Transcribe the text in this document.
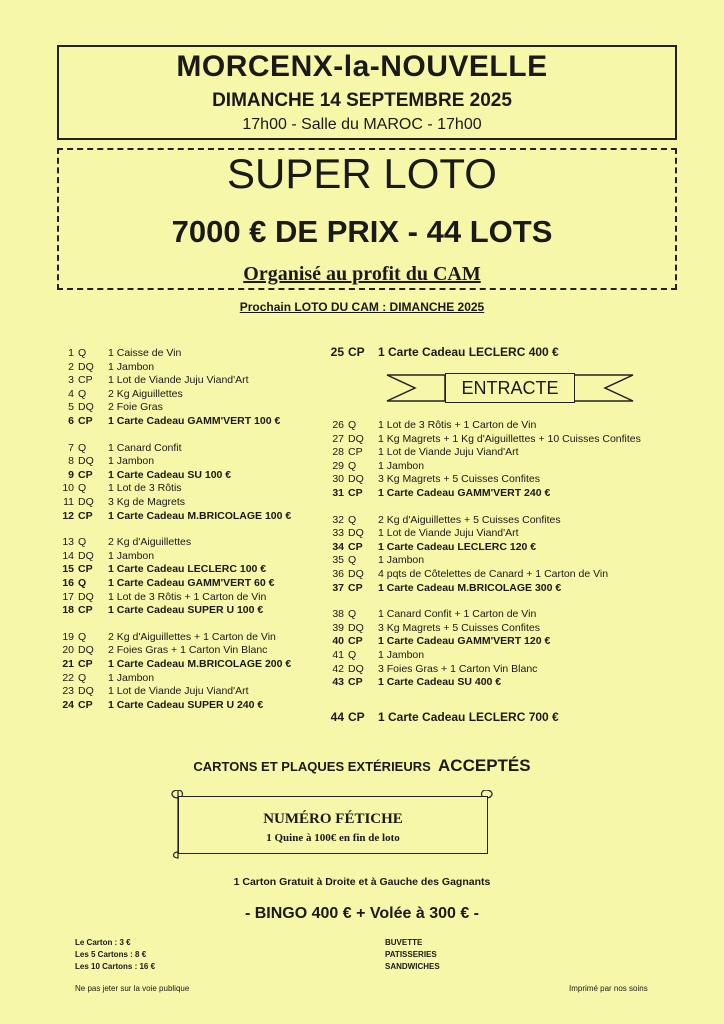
MORCENX-la-NOUVELLE
DIMANCHE 14 SEPTEMBRE 2025
17h00 - Salle du MAROC - 17h00
SUPER LOTO
7000 € DE PRIX - 44 LOTS
Organisé au profit du CAM
Prochain LOTO DU CAM : DIMANCHE 2025
1 Q 1 Caisse de Vin
2 DQ 1 Jambon
3 CP 1 Lot de Viande Juju Viand'Art
4 Q 2 Kg Aiguillettes
5 DQ 2 Foie Gras
6 CP 1 Carte Cadeau GAMM'VERT 100 €
7 Q 1 Canard Confit
8 DQ 1 Jambon
9 CP 1 Carte Cadeau SU 100 €
10 Q 1 Lot de 3 Rôtis
11 DQ 3 Kg de Magrets
12 CP 1 Carte Cadeau M.BRICOLAGE 100 €
13 Q 2 Kg d'Aiguillettes
14 DQ 1 Jambon
15 CP 1 Carte Cadeau LECLERC 100 €
16 Q 1 Carte Cadeau GAMM'VERT 60 €
17 DQ 1 Lot de 3 Rôtis + 1 Carton de Vin
18 CP 1 Carte Cadeau SUPER U 100 €
19 Q 2 Kg d'Aiguillettes + 1 Carton de Vin
20 DQ 2 Foies Gras + 1 Carton Vin Blanc
21 CP 1 Carte Cadeau M.BRICOLAGE 200 €
22 Q 1 Jambon
23 DQ 1 Lot de Viande Juju Viand'Art
24 CP 1 Carte Cadeau SUPER U 240 €
25 CP 1 Carte Cadeau LECLERC 400 €
ENTRACTE
26 Q 1 Lot de 3 Rôtis + 1 Carton de Vin
27 DQ 1 Kg Magrets + 1 Kg d'Aiguillettes + 10 Cuisses Confites
28 CP 1 Lot de Viande Juju Viand'Art
29 Q 1 Jambon
30 DQ 3 Kg Magrets + 5 Cuisses Confites
31 CP 1 Carte Cadeau GAMM'VERT 240 €
32 Q 2 Kg d'Aiguillettes + 5 Cuisses Confites
33 DQ 1 Lot de Viande Juju Viand'Art
34 CP 1 Carte Cadeau LECLERC 120 €
35 Q 1 Jambon
36 DQ 4 pqts de Côtelettes de Canard + 1 Carton de Vin
37 CP 1 Carte Cadeau M.BRICOLAGE 300 €
38 Q 1 Canard Confit + 1 Carton de Vin
39 DQ 3 Kg Magrets + 5 Cuisses Confites
40 CP 1 Carte Cadeau GAMM'VERT 120 €
41 Q 1 Jambon
42 DQ 3 Foies Gras + 1 Carton Vin Blanc
43 CP 1 Carte Cadeau SU 400 €
44 CP 1 Carte Cadeau LECLERC 700 €
CARTONS ET PLAQUES EXTÉRIEURS ACCEPTÉS
NUMÉRO FÉTICHE
1 Quine à 100€ en fin de loto
1 Carton Gratuit à Droite et à Gauche des Gagnants
- BINGO 400 € + Volée à 300 € -
Le Carton : 3 €
Les 5 Cartons : 8 €
Les 10 Cartons : 16 €
BUVETTE
PATISSERIES
SANDWICHES
Ne pas jeter sur la voie publique	Imprimé par nos soins
